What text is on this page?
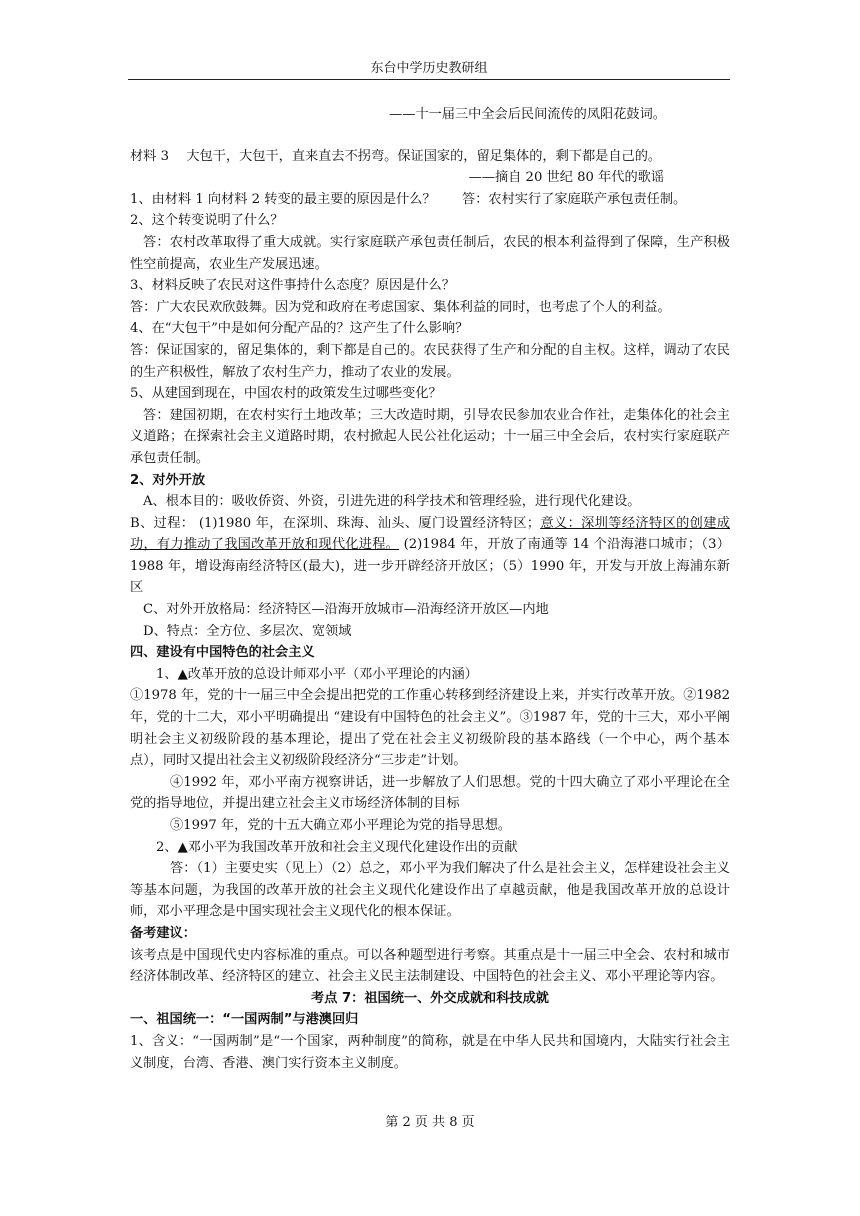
东台中学历史教研组

——十一届三中全会后民间流传的凤阳花鼓词。

材料 3　 大包干，大包干，直来直去不拐弯。保证国家的，留足集体的，剩下都是自己的。

——摘自 20 世纪 80 年代的歌谣

1、由材料 1 向材料 2 转变的最主要的原因是什么？　　答：农村实行了家庭联产承包责任制。

2、这个转变说明了什么？

答：农村改革取得了重大成就。实行家庭联产承包责任制后，农民的根本利益得到了保障，生产积极性空前提高，农业生产发展迅速。

3、材料反映了农民对这件事持什么态度？原因是什么？

答：广大农民欢欣鼓舞。因为党和政府在考虑国家、集体利益的同时，也考虑了个人的利益。

4、在“大包干”中是如何分配产品的？这产生了什么影响？

答：保证国家的，留足集体的，剩下都是自己的。农民获得了生产和分配的自主权。这样，调动了农民的生产积极性，解放了农村生产力，推动了农业的发展。

5、从建国到现在，中国农村的政策发生过哪些变化？

答：建国初期，在农村实行土地改革；三大改造时期，引导农民参加农业合作社，走集体化的社会主义道路；在探索社会主义道路时期，农村掀起人民公社化运动；十一届三中全会后，农村实行家庭联产承包责任制。

2、对外开放

A、根本目的：吸收侨资、外资，引进先进的科学技术和管理经验，进行现代化建设。

B、过程： (1)1980 年，在深圳、珠海、汕头、厦门设置经济特区；意义：深圳等经济特区的创建成功，有力推动了我国改革开放和现代化进程。 (2)1984 年，开放了南通等 14 个沿海港口城市；（3）1988 年，增设海南经济特区(最大)，进一步开辟经济开放区；（5）1990 年，开发与开放上海浦东新区

C、对外开放格局：经济特区—沿海开放城市—沿海经济开放区—内地

D、特点：全方位、多层次、宽领域

四、建设有中国特色的社会主义

1、▲改革开放的总设计师邓小平（邓小平理论的内涵）

①1978 年，党的十一届三中全会提出把党的工作重心转移到经济建设上来，并实行改革开放。②1982 年，党的十二大，邓小平明确提出 “建设有中国特色的社会主义”。③1987 年，党的十三大，邓小平阐明社会主义初级阶段的基本理论，提出了党在社会主义初级阶段的基本路线（一个中心，两个基本点），同时又提出社会主义初级阶段经济分“三步走”计划。

④1992 年，邓小平南方视察讲话，进一步解放了人们思想。党的十四大确立了邓小平理论在全党的指导地位，并提出建立社会主义市场经济体制的目标

⑤1997 年，党的十五大确立邓小平理论为党的指导思想。

2、▲邓小平为我国改革开放和社会主义现代化建设作出的贡献

答：（1）主要史实（见上）（2）总之，邓小平为我们解决了什么是社会主义，怎样建设社会主义等基本问题，为我国的改革开放的社会主义现代化建设作出了卓越贡献，他是我国改革开放的总设计师，邓小平理念是中国实现社会主义现代化的根本保证。

备考建议：

该考点是中国现代史内容标准的重点。可以各种题型进行考察。其重点是十一届三中全会、农村和城市经济体制改革、经济特区的建立、社会主义民主法制建设、中国特色的社会主义、邓小平理论等内容。

考点 7：祖国统一、外交成就和科技成就

一、祖国统一：“一国两制”与港澳回归

1、含义：“一国两制”是“一个国家，两种制度”的简称，就是在中华人民共和国境内，大陆实行社会主义制度，台湾、香港、澳门实行资本主义制度。

第 2 页 共 8 页
